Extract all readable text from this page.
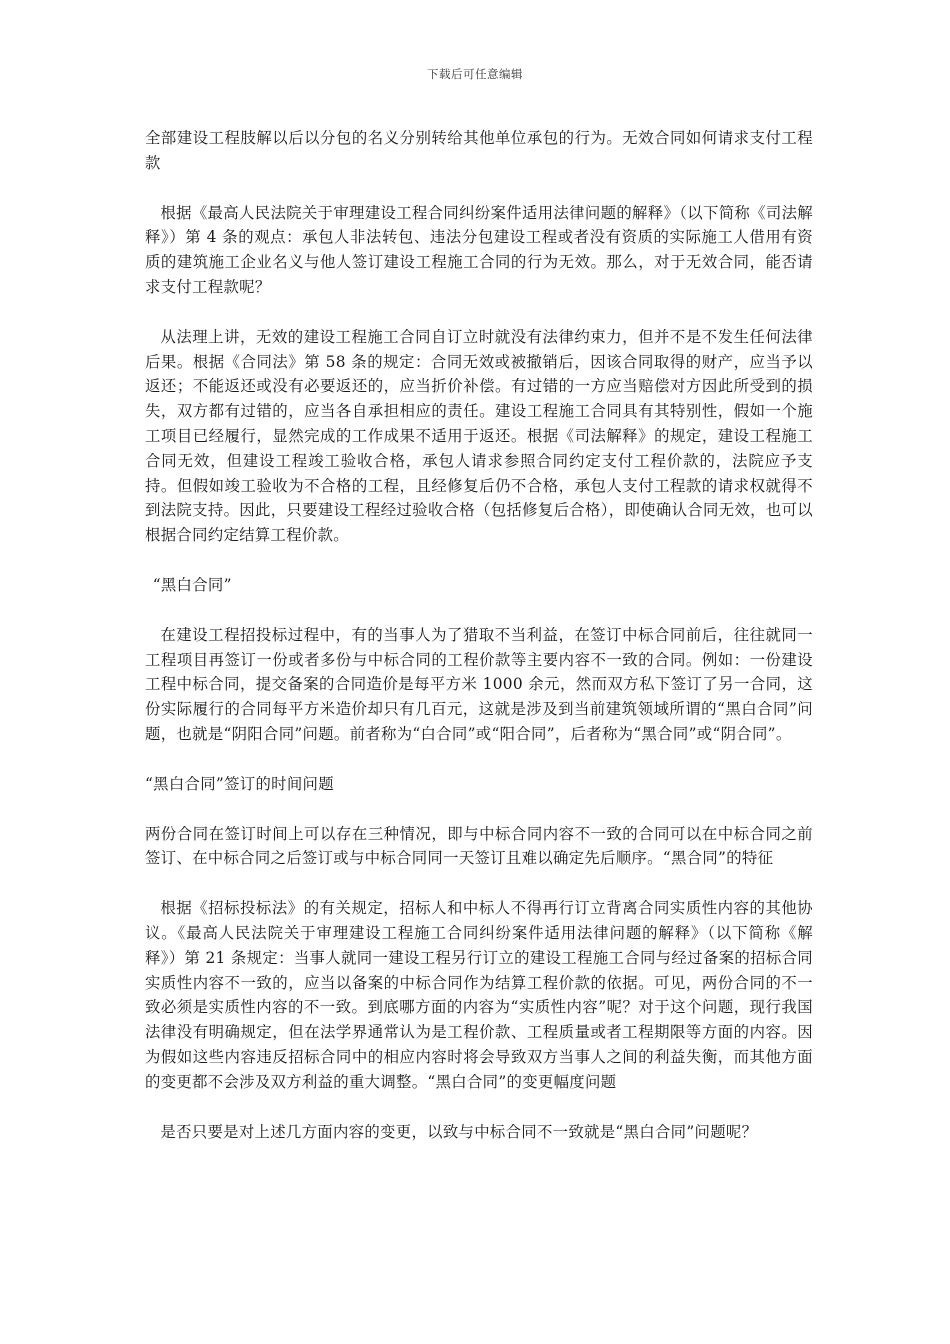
下载后可任意编辑

全部建设工程肢解以后以分包的名义分别转给其他单位承包的行为。无效合同如何请求支付工程款

根据《最高人民法院关于审理建设工程合同纠纷案件适用法律问题的解释》（以下简称《司法解释》）第 4 条的观点：承包人非法转包、违法分包建设工程或者没有资质的实际施工人借用有资质的建筑施工企业名义与他人签订建设工程施工合同的行为无效。那么，对于无效合同，能否请求支付工程款呢？

从法理上讲，无效的建设工程施工合同自订立时就没有法律约束力，但并不是不发生任何法律后果。根据《合同法》第 58 条的规定：合同无效或被撤销后，因该合同取得的财产，应当予以返还；不能返还或没有必要返还的，应当折价补偿。有过错的一方应当赔偿对方因此所受到的损失，双方都有过错的，应当各自承担相应的责任。建设工程施工合同具有其特别性，假如一个施工项目已经履行，显然完成的工作成果不适用于返还。根据《司法解释》的规定，建设工程施工合同无效，但建设工程竣工验收合格，承包人请求参照合同约定支付工程价款的，法院应予支持。但假如竣工验收为不合格的工程，且经修复后仍不合格，承包人支付工程款的请求权就得不到法院支持。因此，只要建设工程经过验收合格（包括修复后合格），即使确认合同无效，也可以根据合同约定结算工程价款。

“黑白合同”

在建设工程招投标过程中，有的当事人为了猎取不当利益，在签订中标合同前后，往往就同一工程项目再签订一份或者多份与中标合同的工程价款等主要内容不一致的合同。例如：一份建设工程中标合同，提交备案的合同造价是每平方米 1000 余元，然而双方私下签订了另一合同，这份实际履行的合同每平方米造价却只有几百元，这就是涉及到当前建筑领域所谓的“黑白合同”问题，也就是“阴阳合同”问题。前者称为“白合同”或“阳合同”，后者称为“黑合同”或“阴合同”。

“黑白合同”签订的时间问题

两份合同在签订时间上可以存在三种情况，即与中标合同内容不一致的合同可以在中标合同之前签订、在中标合同之后签订或与中标合同同一天签订且难以确定先后顺序。“黑合同”的特征

根据《招标投标法》的有关规定，招标人和中标人不得再行订立背离合同实质性内容的其他协议。《最高人民法院关于审理建设工程施工合同纠纷案件适用法律问题的解释》（以下简称《解释》）第 21 条规定：当事人就同一建设工程另行订立的建设工程施工合同与经过备案的招标合同实质性内容不一致的，应当以备案的中标合同作为结算工程价款的依据。可见，两份合同的不一致必须是实质性内容的不一致。到底哪方面的内容为“实质性内容”呢？对于这个问题，现行我国法律没有明确规定，但在法学界通常认为是工程价款、工程质量或者工程期限等方面的内容。因为假如这些内容违反招标合同中的相应内容时将会导致双方当事人之间的利益失衡，而其他方面的变更都不会涉及双方利益的重大调整。“黑白合同”的变更幅度问题

是否只要是对上述几方面内容的变更，以致与中标合同不一致就是“黑白合同”问题呢？
